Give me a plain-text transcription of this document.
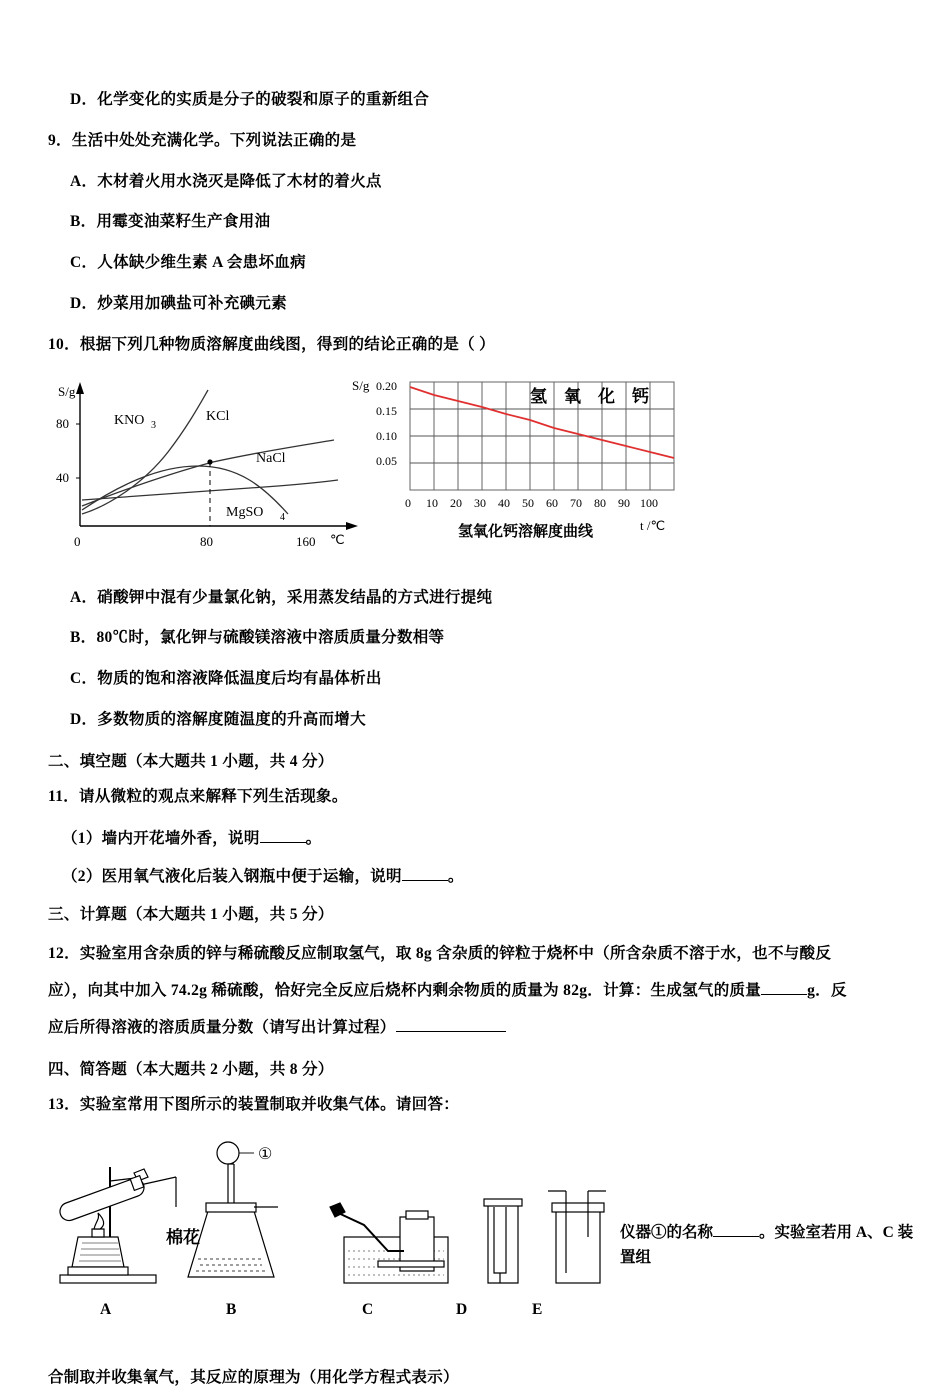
D．化学变化的实质是分子的破裂和原子的重新组合
9．生活中处处充满化学。下列说法正确的是
A．木材着火用水浇灭是降低了木材的着火点
B．用霉变油菜籽生产食用油
C．人体缺少维生素 A 会患坏血病
D．炒菜用加碘盐可补充碘元素
10．根据下列几种物质溶解度曲线图，得到的结论正确的是（ ）
S/g
80
40
0	80	160 ℃
KNO 3
KCl
NaCl
MgSO 4
S/g 0.20
0.15
0.10
0.05
氢 氧 化 钙
0 10 20 30 40 50 60 70 80 90 100
t /℃
氢氧化钙溶解度曲线
A．硝酸钾中混有少量氯化钠，采用蒸发结晶的方式进行提纯
B．80℃时，氯化钾与硫酸镁溶液中溶质质量分数相等
C．物质的饱和溶液降低温度后均有晶体析出
D．多数物质的溶解度随温度的升高而增大
二、填空题（本大题共 1 小题，共 4 分）
11．请从微粒的观点来解释下列生活现象。
（1）墙内开花墙外香，说明	。
（2）医用氧气液化后装入钢瓶中便于运输，说明	。
三、计算题（本大题共 1 小题，共 5 分）
12．实验室用含杂质的锌与稀硫酸反应制取氢气，取 8g 含杂质的锌粒于烧杯中（所含杂质不溶于水，也不与酸反
应），向其中加入 74.2g 稀硫酸，恰好完全反应后烧杯内剩余物质的质量为 82g．计算：生成氢气的质量	g．反
应后所得溶液的溶质质量分数（请写出计算过程）
四、简答题（本大题共 2 小题，共 8 分）
13．实验室常用下图所示的装置制取并收集气体。请回答：
棉花
①
A	B	C	D	E
仪器①的名称	。实验室若用 A、C 装置组
合制取并收集氧气，其反应的原理为（用化学方程式表示）
